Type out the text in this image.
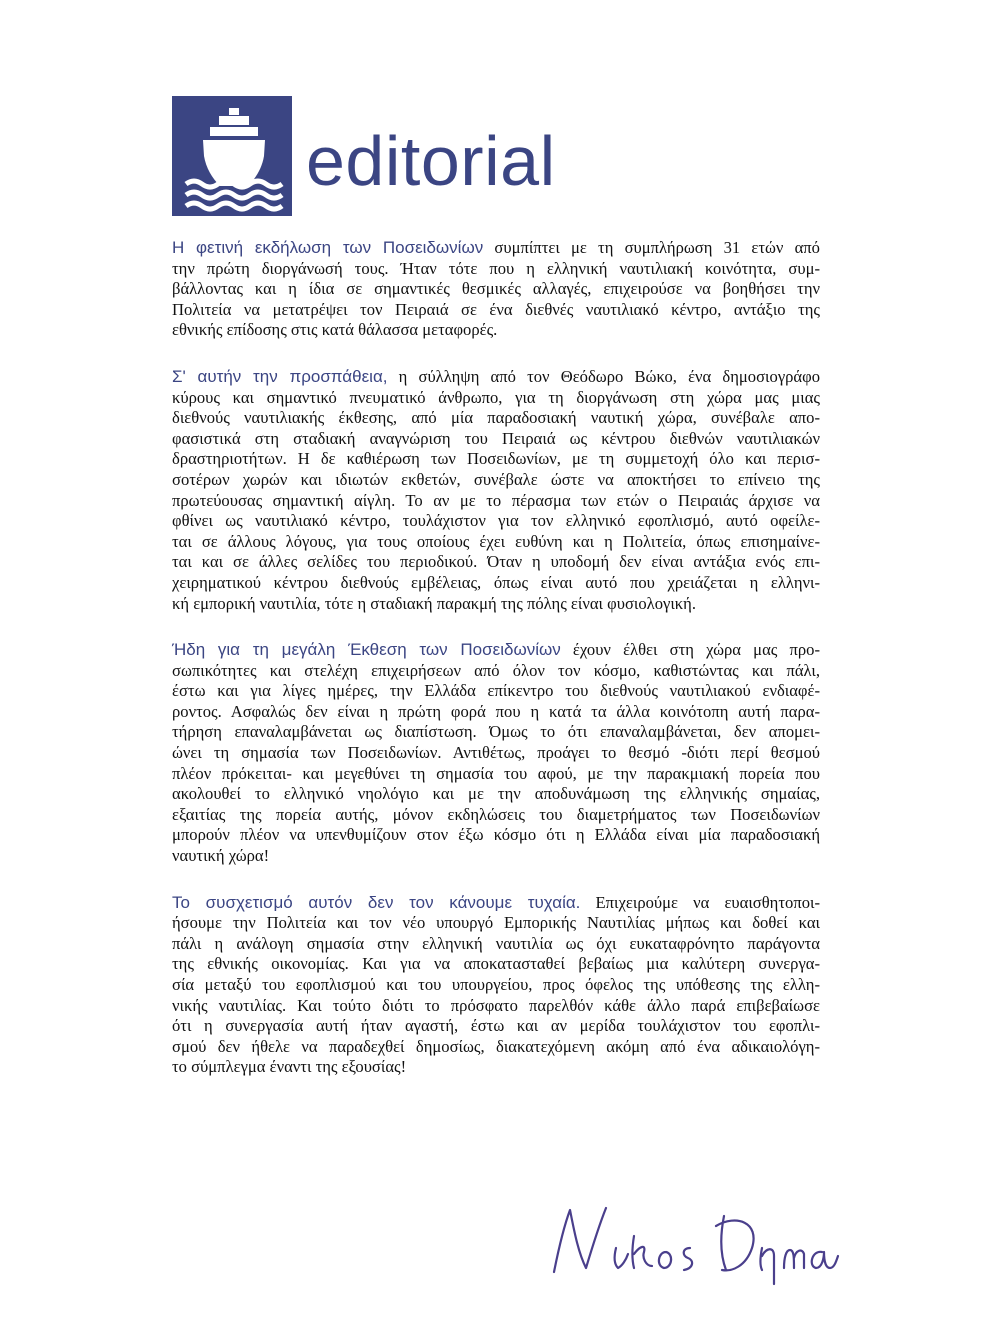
editorial

Η φετινή εκδήλωση των Ποσειδωνίων συμπίπτει με τη συμπλήρωση 31 ετών από
την πρώτη διοργάνωσή τους. Ήταν τότε που η ελληνική ναυτιλιακή κοινότητα, συμ-
βάλλοντας και η ίδια σε σημαντικές θεσμικές αλλαγές, επιχειρούσε να βοηθήσει την
Πολιτεία να μετατρέψει τον Πειραιά σε ένα διεθνές ναυτιλιακό κέντρο, αντάξιο της
εθνικής επίδοσης στις κατά θάλασσα μεταφορές.

Σ' αυτήν την προσπάθεια, η σύλληψη από τον Θεόδωρο Βώκο, ένα δημοσιογράφο
κύρους και σημαντικό πνευματικό άνθρωπο, για τη διοργάνωση στη χώρα μας μιας
διεθνούς ναυτιλιακής έκθεσης, από μία παραδοσιακή ναυτική χώρα, συνέβαλε απο-
φασιστικά στη σταδιακή αναγνώριση του Πειραιά ως κέντρου διεθνών ναυτιλιακών
δραστηριοτήτων. Η δε καθιέρωση των Ποσειδωνίων, με τη συμμετοχή όλο και περισ-
σοτέρων χωρών και ιδιωτών εκθετών, συνέβαλε ώστε να αποκτήσει το επίνειο της
πρωτεύουσας σημαντική αίγλη. Το αν με το πέρασμα των ετών ο Πειραιάς άρχισε να
φθίνει ως ναυτιλιακό κέντρο, τουλάχιστον για τον ελληνικό εφοπλισμό, αυτό οφείλε-
ται σε άλλους λόγους, για τους οποίους έχει ευθύνη και η Πολιτεία, όπως επισημαίνε-
ται και σε άλλες σελίδες του περιοδικού. Όταν η υποδομή δεν είναι αντάξια ενός επι-
χειρηματικού κέντρου διεθνούς εμβέλειας, όπως είναι αυτό που χρειάζεται η ελληνι-
κή εμπορική ναυτιλία, τότε η σταδιακή παρακμή της πόλης είναι φυσιολογική.

Ήδη για τη μεγάλη Έκθεση των Ποσειδωνίων έχουν έλθει στη χώρα μας προ-
σωπικότητες και στελέχη επιχειρήσεων από όλον τον κόσμο, καθιστώντας και πάλι,
έστω και για λίγες ημέρες, την Ελλάδα επίκεντρο του διεθνούς ναυτιλιακού ενδιαφέ-
ροντος. Ασφαλώς δεν είναι η πρώτη φορά που η κατά τα άλλα κοινότοπη αυτή παρα-
τήρηση επαναλαμβάνεται ως διαπίστωση. Όμως το ότι επαναλαμβάνεται, δεν απομει-
ώνει τη σημασία των Ποσειδωνίων. Αντιθέτως, προάγει το θεσμό -διότι περί θεσμού
πλέον πρόκειται- και μεγεθύνει τη σημασία του αφού, με την παρακμιακή πορεία που
ακολουθεί το ελληνικό νηολόγιο και με την αποδυνάμωση της ελληνικής σημαίας,
εξαιτίας της πορεία αυτής, μόνον εκδηλώσεις του διαμετρήματος των Ποσειδωνίων
μπορούν πλέον να υπενθυμίζουν στον έξω κόσμο ότι η Ελλάδα είναι μία παραδοσιακή
ναυτική χώρα!

Το συσχετισμό αυτόν δεν τον κάνουμε τυχαία. Επιχειρούμε να ευαισθητοποι-
ήσουμε την Πολιτεία και τον νέο υπουργό Εμπορικής Ναυτιλίας μήπως και δοθεί και
πάλι η ανάλογη σημασία στην ελληνική ναυτιλία ως όχι ευκαταφρόνητο παράγοντα
της εθνικής οικονομίας. Και για να αποκατασταθεί βεβαίως μια καλύτερη συνεργα-
σία μεταξύ του εφοπλισμού και του υπουργείου, προς όφελος της υπόθεσης της ελλη-
νικής ναυτιλίας. Και τούτο διότι το πρόσφατο παρελθόν κάθε άλλο παρά επιβεβαίωσε
ότι η συνεργασία αυτή ήταν αγαστή, έστω και αν μερίδα τουλάχιστον του εφοπλι-
σμού δεν ήθελε να παραδεχθεί δημοσίως, διακατεχόμενη ακόμη από ένα αδικαιολόγη-
το σύμπλεγμα έναντι της εξουσίας!

Νίκος Δήμα
